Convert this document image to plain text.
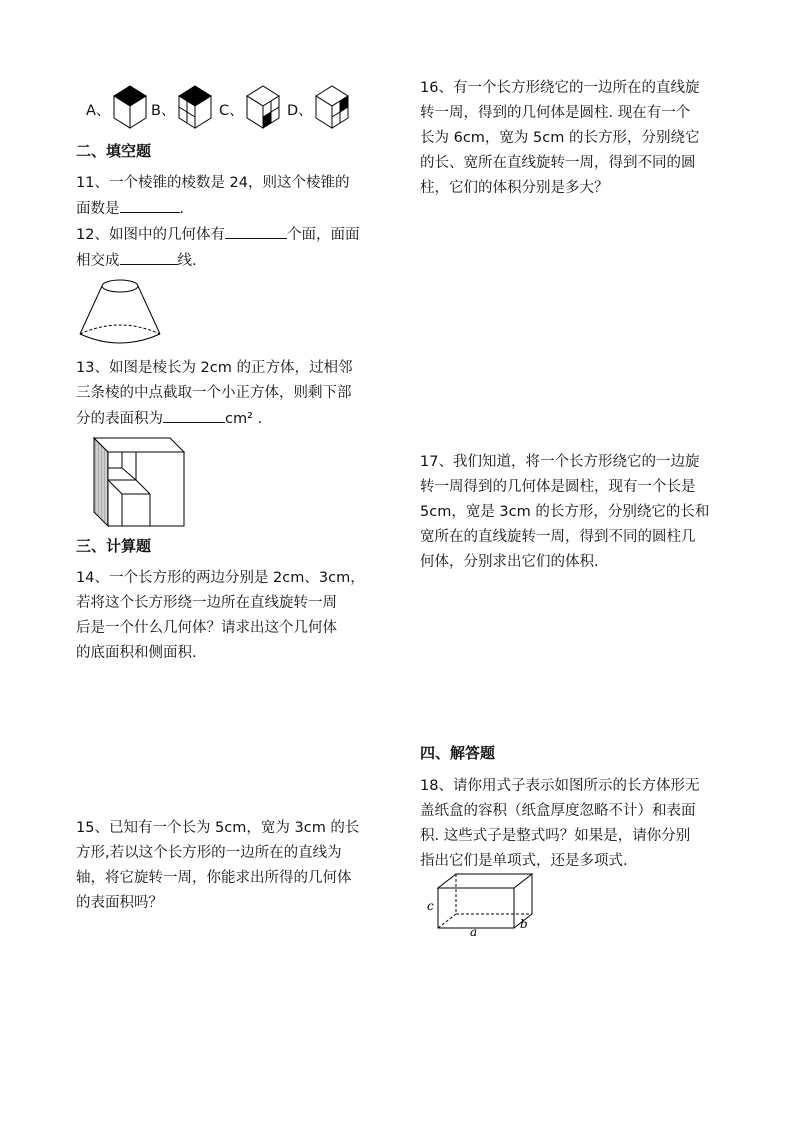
A、	B、	C、	D、

二、填空题

11、一个棱锥的棱数是 24，则这个棱锥的

面数是	.

12、如图中的几何体有	个面，面面

相交成	线.

13、如图是棱长为 2cm 的正方体，过相邻

三条棱的中点截取一个小正方体，则剩下部

分的表面积为	cm² .

三、计算题

14、一个长方形的两边分别是 2cm、3cm，

若将这个长方形绕一边所在直线旋转一周

后是一个什么几何体？请求出这个几何体

的底面积和侧面积.

15、已知有一个长为 5cm，宽为 3cm 的长

方形,若以这个长方形的一边所在的直线为

轴，将它旋转一周，你能求出所得的几何体

的表面积吗？

16、有一个长方形绕它的一边所在的直线旋

转一周，得到的几何体是圆柱. 现在有一个

长为 6cm，宽为 5cm 的长方形，分别绕它

的长、宽所在直线旋转一周，得到不同的圆

柱，它们的体积分别是多大？

17、我们知道，将一个长方形绕它的一边旋

转一周得到的几何体是圆柱，现有一个长是

5cm，宽是 3cm 的长方形，分别绕它的长和

宽所在的直线旋转一周，得到不同的圆柱几

何体，分别求出它们的体积.

四、解答题

18、请你用式子表示如图所示的长方体形无

盖纸盒的容积（纸盒厚度忽略不计）和表面

积. 这些式子是整式吗？如果是，请你分别

指出它们是单项式，还是多项式.

c
a
b
